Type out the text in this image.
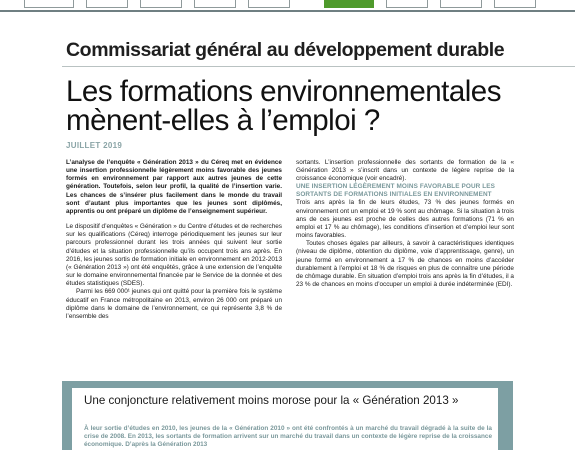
Commissariat général au développement durable
Les formations environnementales mènent-elles à l’emploi ?
JUILLET 2019

L’analyse de l’enquête « Génération 2013 » du Céreq met en évidence une insertion professionnelle légèrement moins favorable des jeunes formés en environnement par rapport aux autres jeunes de cette génération. Toutefois, selon leur profil, la qualité de l’insertion varie. Les chances de s’insérer plus facilement dans le monde du travail sont d’autant plus importantes que les jeunes sont diplômés, apprentis ou ont préparé un diplôme de l’enseignement supérieur.

Le dispositif d’enquêtes « Génération » du Centre d’études et de recherches sur les qualifications (Céreq) interroge périodiquement les jeunes sur leur parcours professionnel durant les trois années qui suivent leur sortie d’études et la situation professionnelle qu’ils occupent trois ans après. En 2016, les jeunes sortis de formation initiale en environnement en 2012-2013 (« Génération 2013 ») ont été enquêtés, grâce à une extension de l’enquête sur le domaine environnemental financée par le Service de la donnée et des études statistiques (SDES).

Parmi les 669 000¹ jeunes qui ont quitté pour la première fois le système éducatif en France métropolitaine en 2013, environ 26 000 ont préparé un diplôme dans le domaine de l’environnement, ce qui représente 3,8 % de l’ensemble des

sortants. L’insertion professionnelle des sortants de formation de la « Génération 2013 » s’inscrit dans un contexte de légère reprise de la croissance économique (voir encadré).

UNE INSERTION LÉGÈREMENT MOINS FAVORABLE POUR LES SORTANTS DE FORMATIONS INITIALES EN ENVIRONNEMENT

Trois ans après la fin de leurs études, 73 % des jeunes formés en environnement ont un emploi et 19 % sont au chômage. Si la situation à trois ans de ces jeunes est proche de celles des autres formations (71 % en emploi et 17 % au chômage), les conditions d’insertion et d’emploi leur sont moins favorables.

Toutes choses égales par ailleurs, à savoir à caractéristiques identiques (niveau de diplôme, obtention du diplôme, voie d’apprentissage, genre), un jeune formé en environnement a 17 % de chances en moins d’accéder durablement à l’emploi et 18 % de risques en plus de connaître une période de chômage durable. En situation d’emploi trois ans après la fin d’études, il a 23 % de chances en moins d’occuper un emploi à durée indéterminée (EDI).

Une conjoncture relativement moins morose pour la « Génération 2013 »
À leur sortie d’études en 2010, les jeunes de la « Génération 2010 » ont été confrontés à un marché du travail dégradé à la suite de la crise de 2008. En 2013, les sortants de formation arrivent sur un marché du travail dans un contexte de légère reprise de la croissance économique. D’après la Génération 2013
